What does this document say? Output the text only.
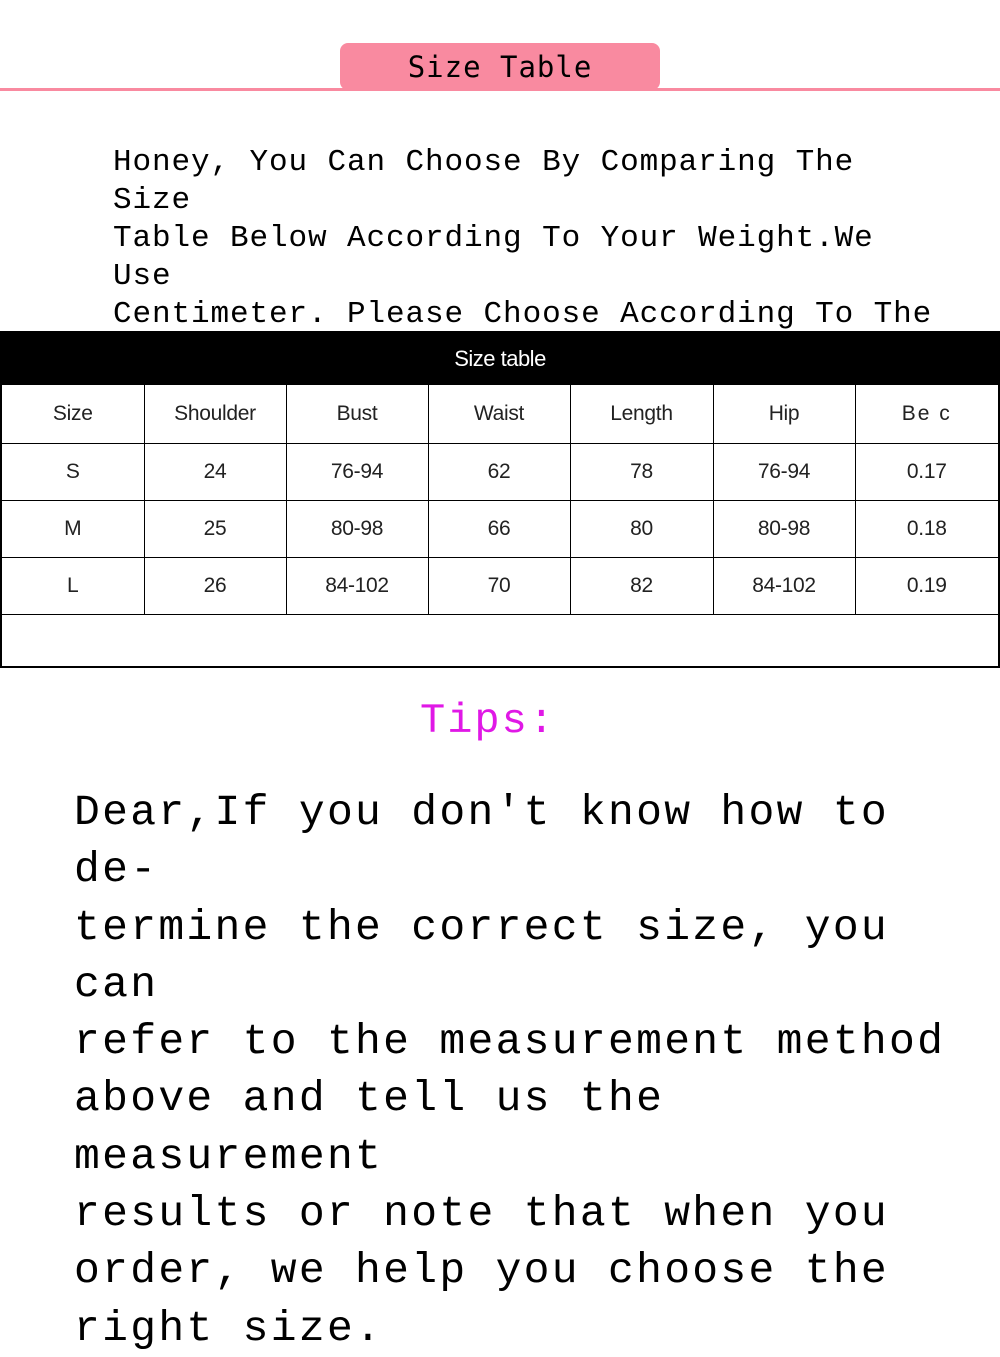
Size Table

Honey, You Can Choose By Comparing The Size
Table Below According To Your Weight.We Use
Centimeter. Please Choose According To The

Size table
Size	Shoulder	Bust	Waist	Length	Hip	Be c
S	24	76-94	62	78	76-94	0.17
M	25	80-98	66	80	80-98	0.18
L	26	84-102	70	82	84-102	0.19

Tips:

Dear,If you don't know how to de-
termine the correct size, you can
refer to the measurement method
above and tell us the measurement
results or note that when you
order, we help you choose the
right size.
